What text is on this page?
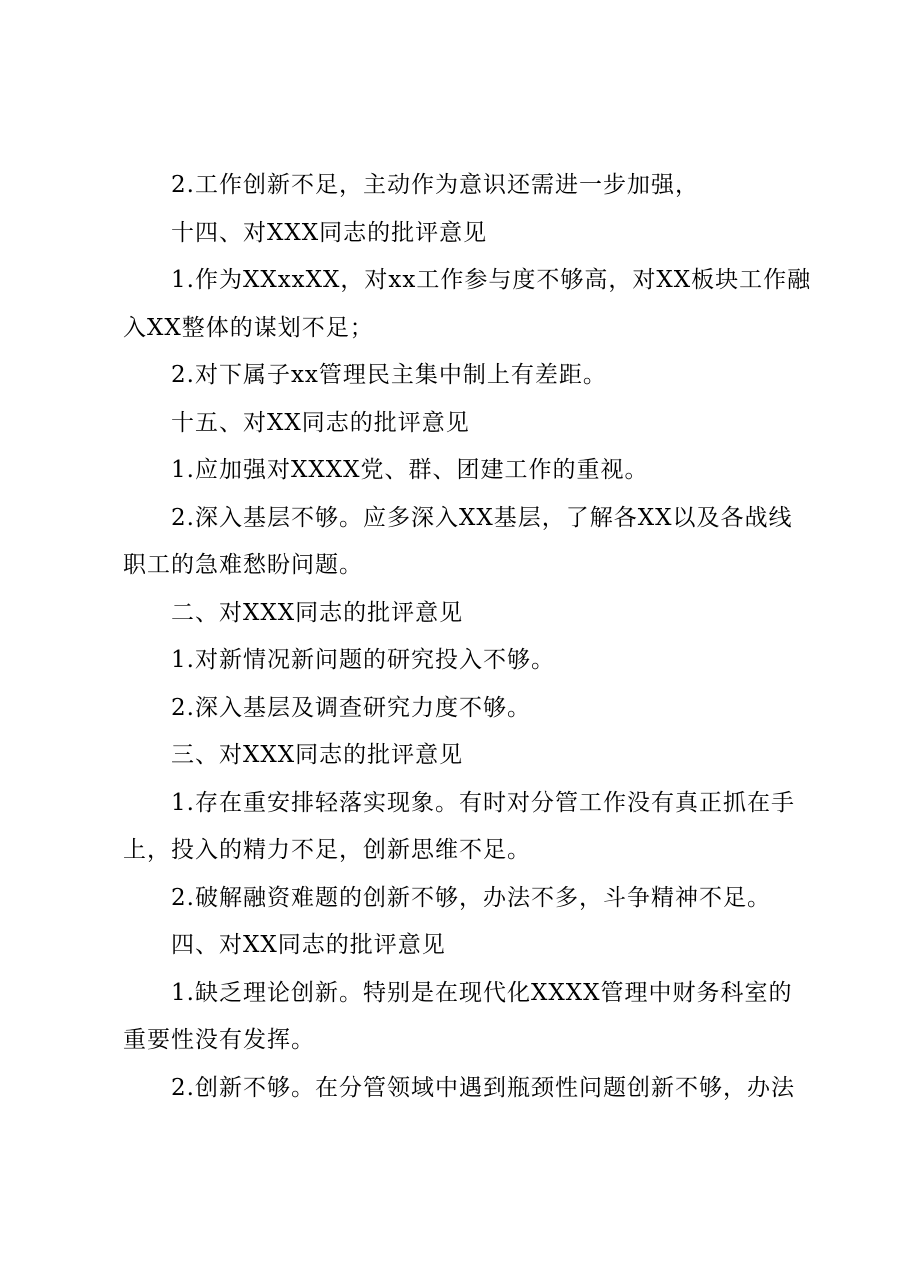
2.工作创新不足，主动作为意识还需进一步加强，

十四、对XXX同志的批评意见

1.作为XXxxXX，对xx工作参与度不够高，对XX板块工作融入XX整体的谋划不足；

2.对下属子xx管理民主集中制上有差距。

十五、对XX同志的批评意见

1.应加强对XXXX党、群、团建工作的重视。

2.深入基层不够。应多深入XX基层，了解各XX以及各战线职工的急难愁盼问题。

二、对XXX同志的批评意见

1.对新情况新问题的研究投入不够。

2.深入基层及调查研究力度不够。

三、对XXX同志的批评意见

1.存在重安排轻落实现象。有时对分管工作没有真正抓在手上，投入的精力不足，创新思维不足。

2.破解融资难题的创新不够，办法不多，斗争精神不足。

四、对XX同志的批评意见

1.缺乏理论创新。特别是在现代化XXXX管理中财务科室的重要性没有发挥。

2.创新不够。在分管领域中遇到瓶颈性问题创新不够，办法
